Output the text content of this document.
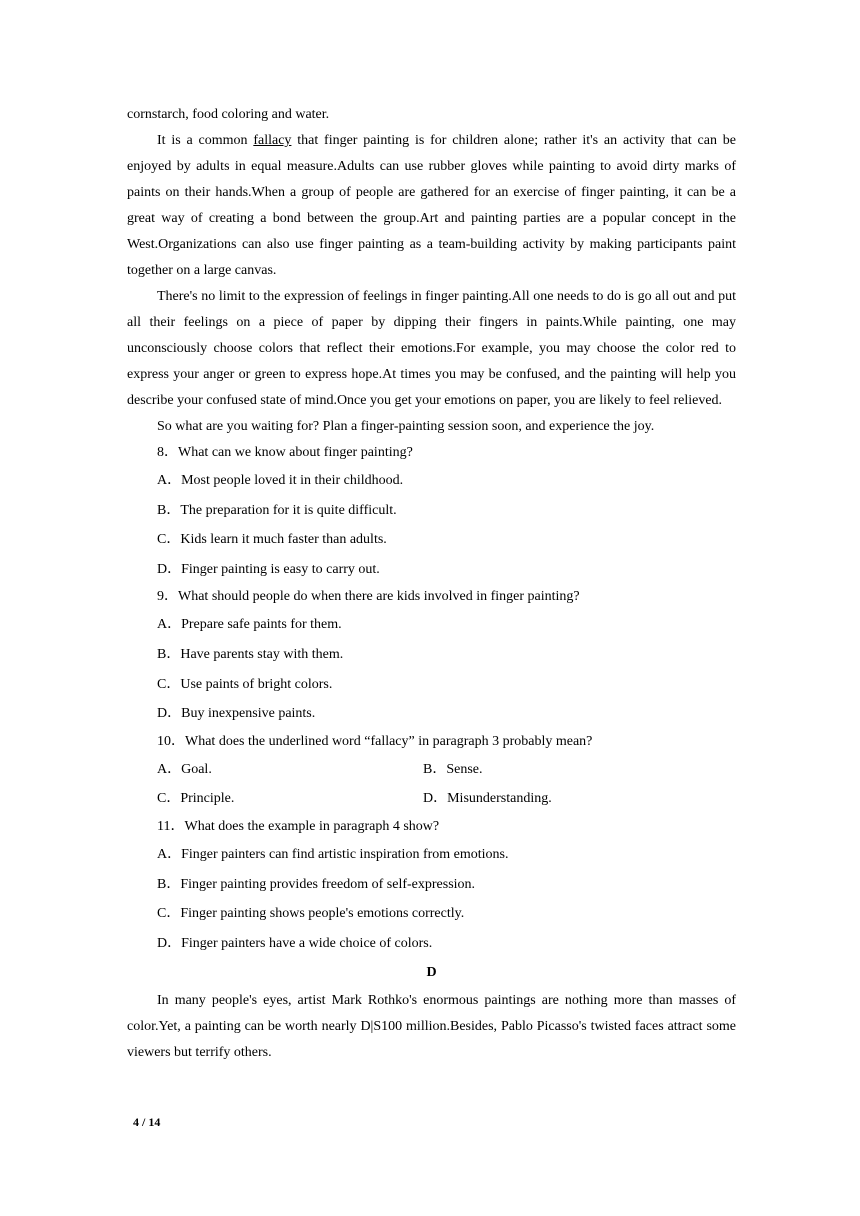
cornstarch, food coloring and water.

It is a common fallacy that finger painting is for children alone; rather it's an activity that can be enjoyed by adults in equal measure.Adults can use rubber gloves while painting to avoid dirty marks of paints on their hands.When a group of people are gathered for an exercise of finger painting, it can be a great way of creating a bond between the group.Art and painting parties are a popular concept in the West.Organizations can also use finger painting as a team-building activity by making participants paint together on a large canvas.

There's no limit to the expression of feelings in finger painting.All one needs to do is go all out and put all their feelings on a piece of paper by dipping their fingers in paints.While painting, one may unconsciously choose colors that reflect their emotions.For example, you may choose the color red to express your anger or green to express hope.At times you may be confused, and the painting will help you describe your confused state of mind.Once you get your emotions on paper, you are likely to feel relieved.

So what are you waiting for? Plan a finger-painting session soon, and experience the joy.

8．What can we know about finger painting?

A．Most people loved it in their childhood.

B．The preparation for it is quite difficult.

C．Kids learn it much faster than adults.

D．Finger painting is easy to carry out.

9．What should people do when there are kids involved in finger painting?

A．Prepare safe paints for them.

B．Have parents stay with them.

C．Use paints of bright colors.

D．Buy inexpensive paints.

10．What does the underlined word “fallacy” in paragraph 3 probably mean?

A．Goal.	B．Sense.
C．Principle.	D．Misunderstanding.

11．What does the example in paragraph 4 show?

A．Finger painters can find artistic inspiration from emotions.

B．Finger painting provides freedom of self-expression.

C．Finger painting shows people's emotions correctly.

D．Finger painters have a wide choice of colors.

D

In many people's eyes, artist Mark Rothko's enormous paintings are nothing more than masses of color.Yet, a painting can be worth nearly D|S100 million.Besides, Pablo Picasso's twisted faces attract some viewers but terrify others.

4 / 14
